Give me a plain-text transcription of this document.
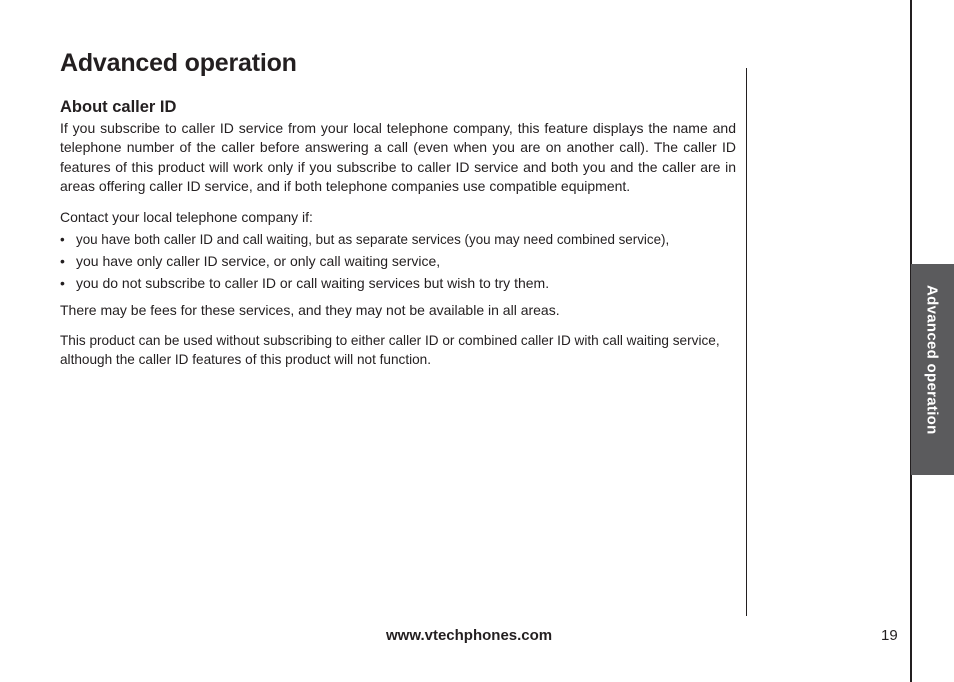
Advanced operation
About caller ID

If you subscribe to caller ID service from your local telephone company, this feature displays the name and telephone number of the caller before answering a call (even when you are on another call). The caller ID features of this product will work only if you subscribe to caller ID service and both you and the caller are in areas offering caller ID service, and if both telephone companies use compatible equipment.

Contact your local telephone company if:

• you have both caller ID and call waiting, but as separate services (you may need combined service),
• you have only caller ID service, or only call waiting service,
• you do not subscribe to caller ID or call waiting services but wish to try them.

There may be fees for these services, and they may not be available in all areas.

This product can be used without subscribing to either caller ID or combined caller ID with call waiting service, although the caller ID features of this product will not function.	Advanced operation
www.vtechphones.com	19
